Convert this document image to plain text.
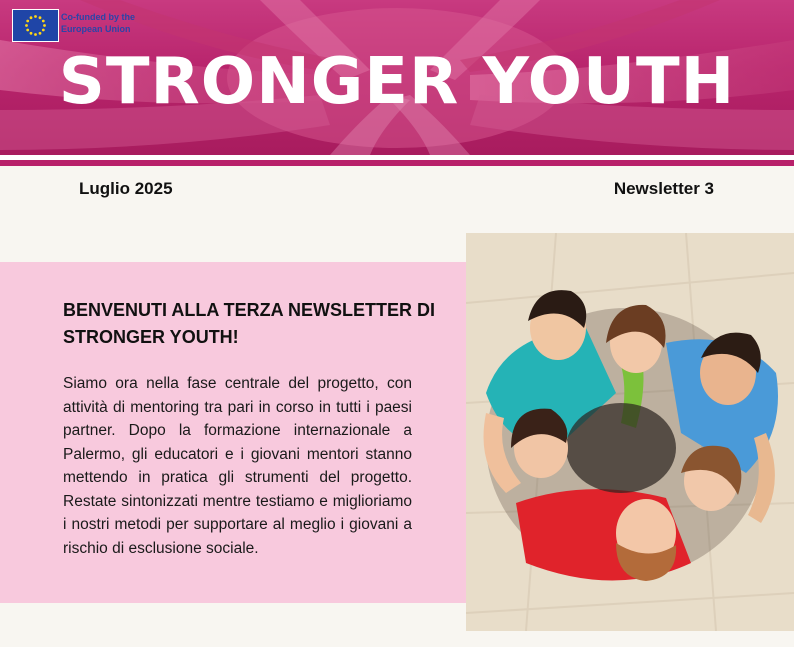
Co-funded by the European Union
STRONGER YOUTH
Luglio 2025	Newsletter 3
BENVENUTI ALLA TERZA NEWSLETTER DI STRONGER YOUTH!

Siamo ora nella fase centrale del progetto, con attività di mentoring tra pari in corso in tutti i paesi partner. Dopo la formazione internazionale a Palermo, gli educatori e i giovani mentori stanno mettendo in pratica gli strumenti del progetto. Restate sintonizzati mentre testiamo e miglioriamo i nostri metodi per supportare al meglio i giovani a rischio di esclusione sociale.
